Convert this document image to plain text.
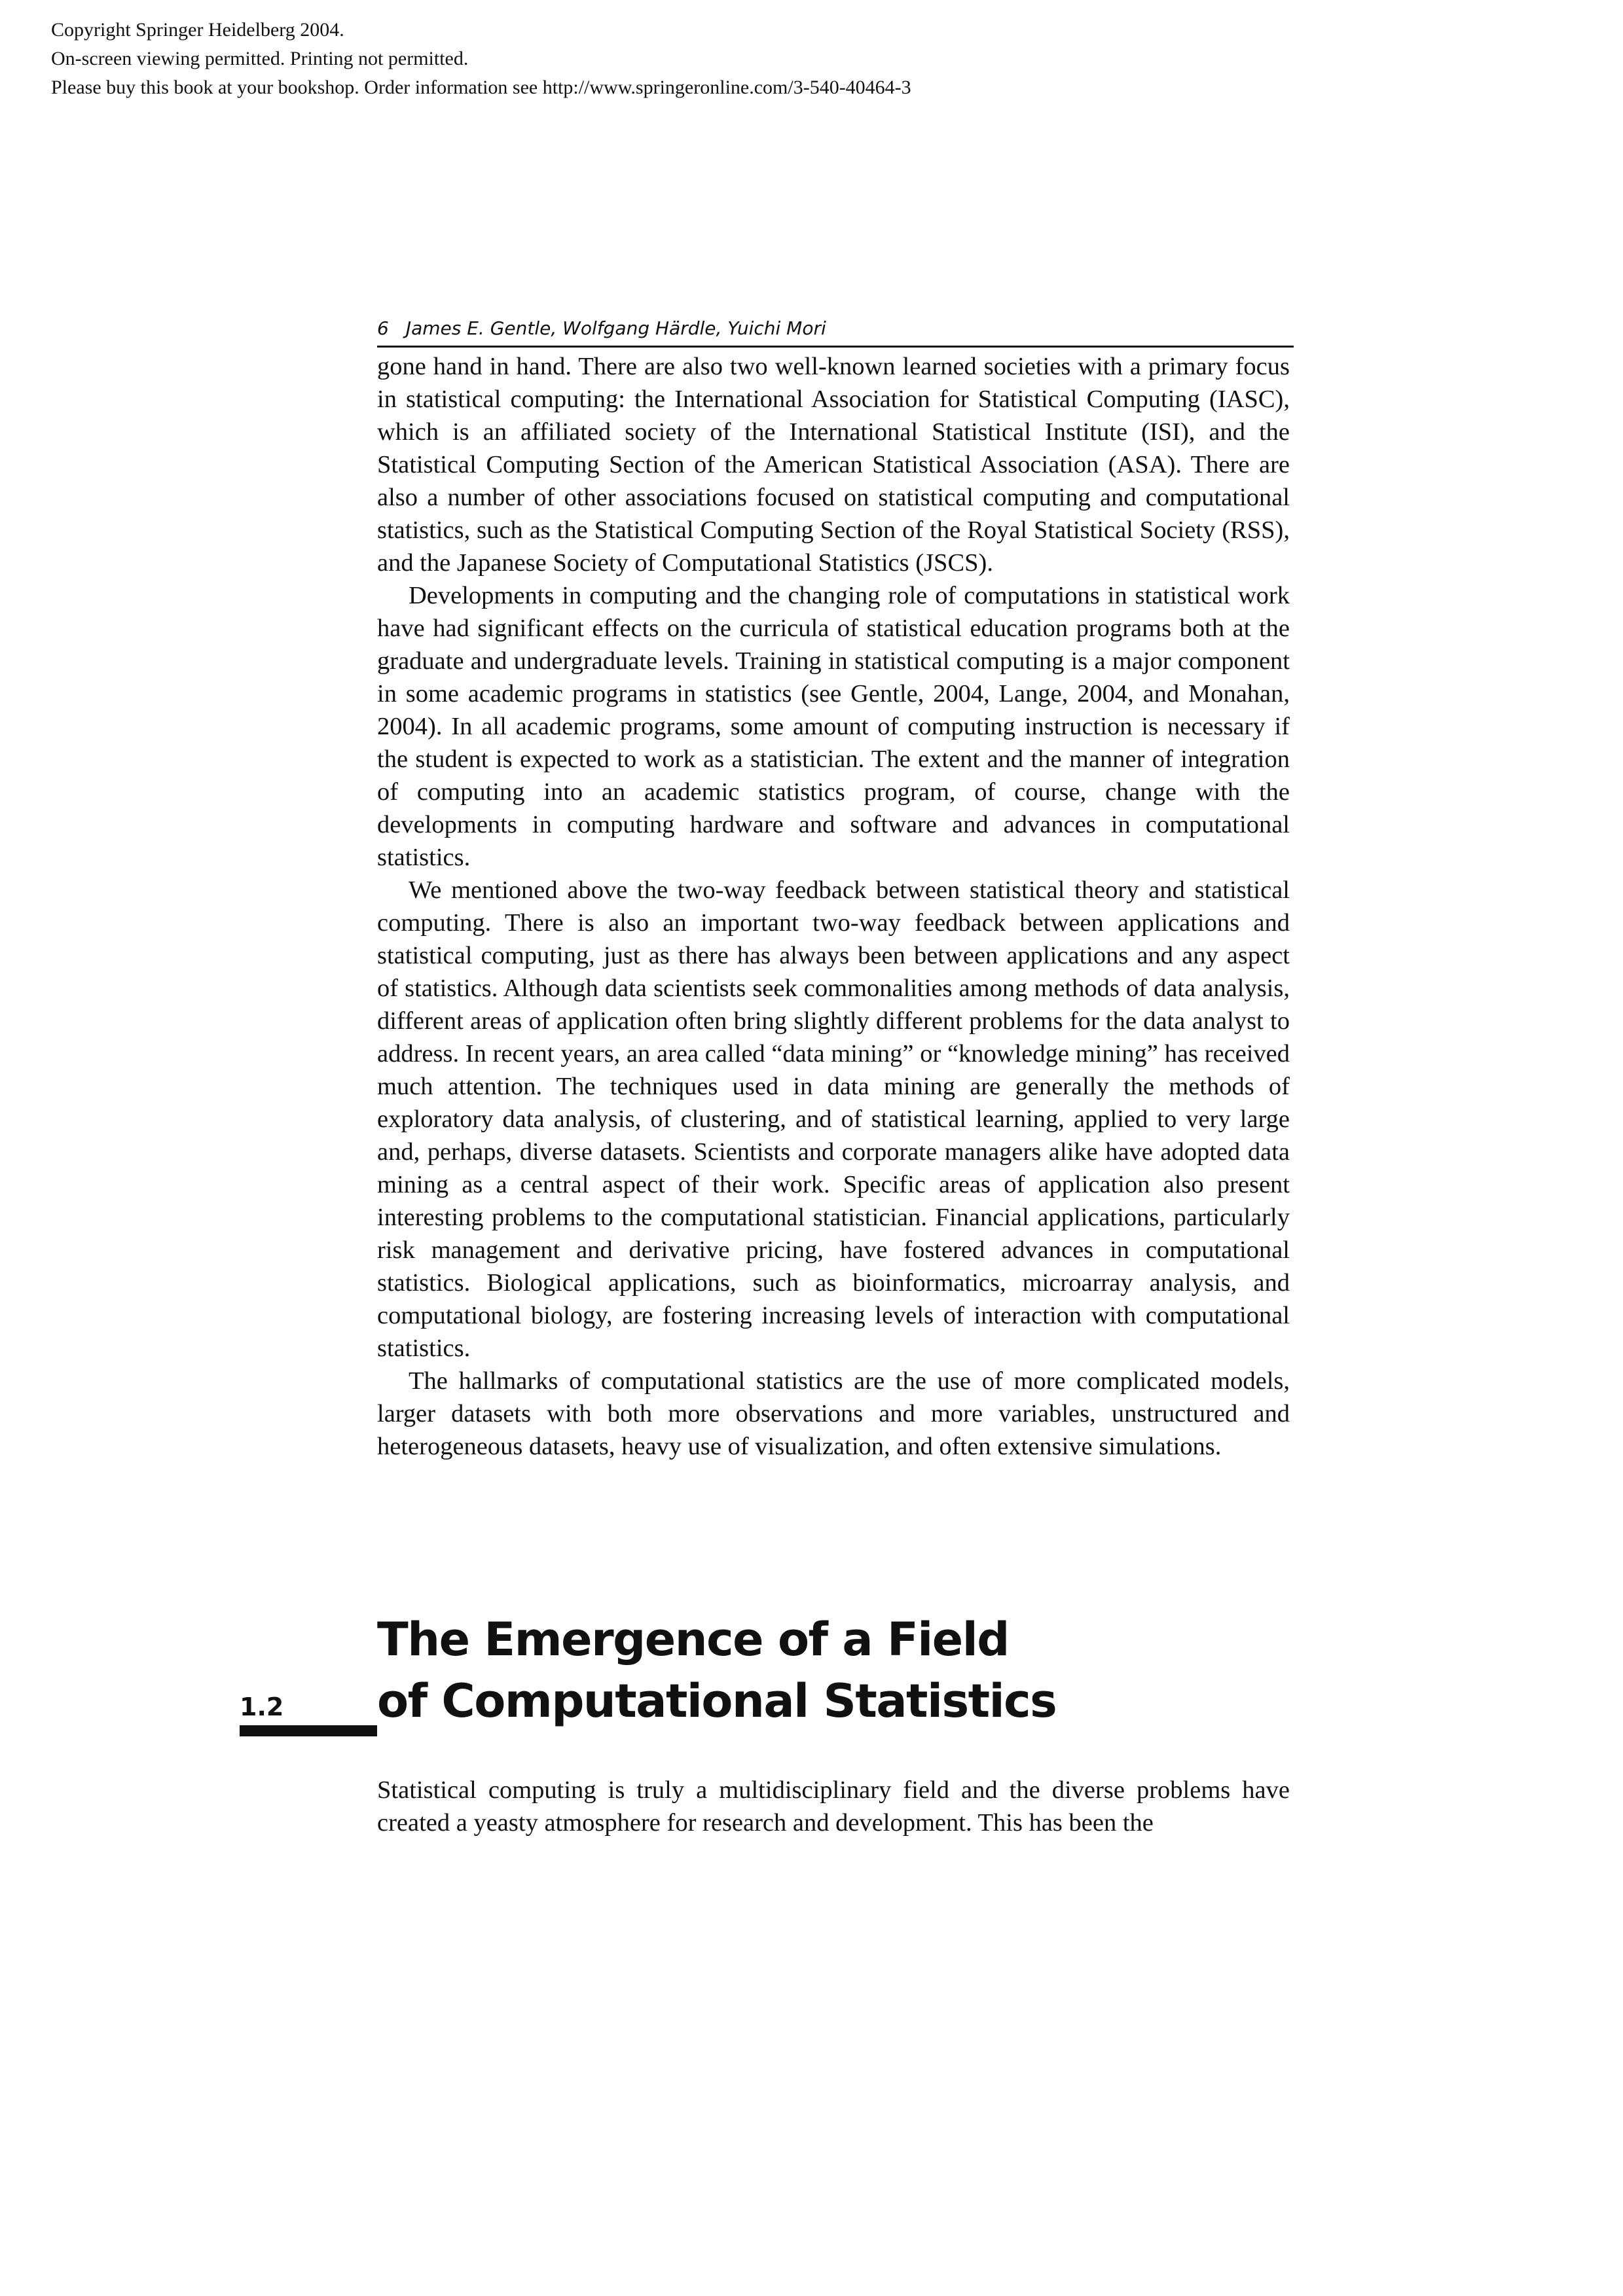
Copyright Springer Heidelberg 2004.
On-screen viewing permitted. Printing not permitted.
Please buy this book at your bookshop. Order information see http://www.springeronline.com/3-540-40464-3
6 James E. Gentle, Wolfgang Härdle, Yuichi Mori

gone hand in hand. There are also two well-known learned societies with a primary focus in statistical computing: the International Association for Statistical Computing (IASC), which is an affiliated society of the International Statistical Institute (ISI), and the Statistical Computing Section of the American Statistical Association (ASA). There are also a number of other associations focused on statistical computing and computational statistics, such as the Statistical Computing Section of the Royal Statistical Society (RSS), and the Japanese Society of Computational Statistics (JSCS).

Developments in computing and the changing role of computations in statistical work have had significant effects on the curricula of statistical education programs both at the graduate and undergraduate levels. Training in statistical computing is a major component in some academic programs in statistics (see Gentle, 2004, Lange, 2004, and Monahan, 2004). In all academic programs, some amount of computing instruction is necessary if the student is expected to work as a statistician. The extent and the manner of integration of computing into an academic statistics program, of course, change with the developments in computing hardware and software and advances in computational statistics.

We mentioned above the two-way feedback between statistical theory and statistical computing. There is also an important two-way feedback between applications and statistical computing, just as there has always been between applications and any aspect of statistics. Although data scientists seek commonalities among methods of data analysis, different areas of application often bring slightly different problems for the data analyst to address. In recent years, an area called “data mining” or “knowledge mining” has received much attention. The techniques used in data mining are generally the methods of exploratory data analysis, of clustering, and of statistical learning, applied to very large and, perhaps, diverse datasets. Scientists and corporate managers alike have adopted data mining as a central aspect of their work. Specific areas of application also present interesting problems to the computational statistician. Financial applications, particularly risk management and derivative pricing, have fostered advances in computational statistics. Biological applications, such as bioinformatics, microarray analysis, and computational biology, are fostering increasing levels of interaction with computational statistics.

The hallmarks of computational statistics are the use of more complicated models, larger datasets with both more observations and more variables, unstructured and heterogeneous datasets, heavy use of visualization, and often extensive simulations.

The Emergence of a Field
of Computational Statistics
1.2

Statistical computing is truly a multidisciplinary field and the diverse problems have created a yeasty atmosphere for research and development. This has been the
